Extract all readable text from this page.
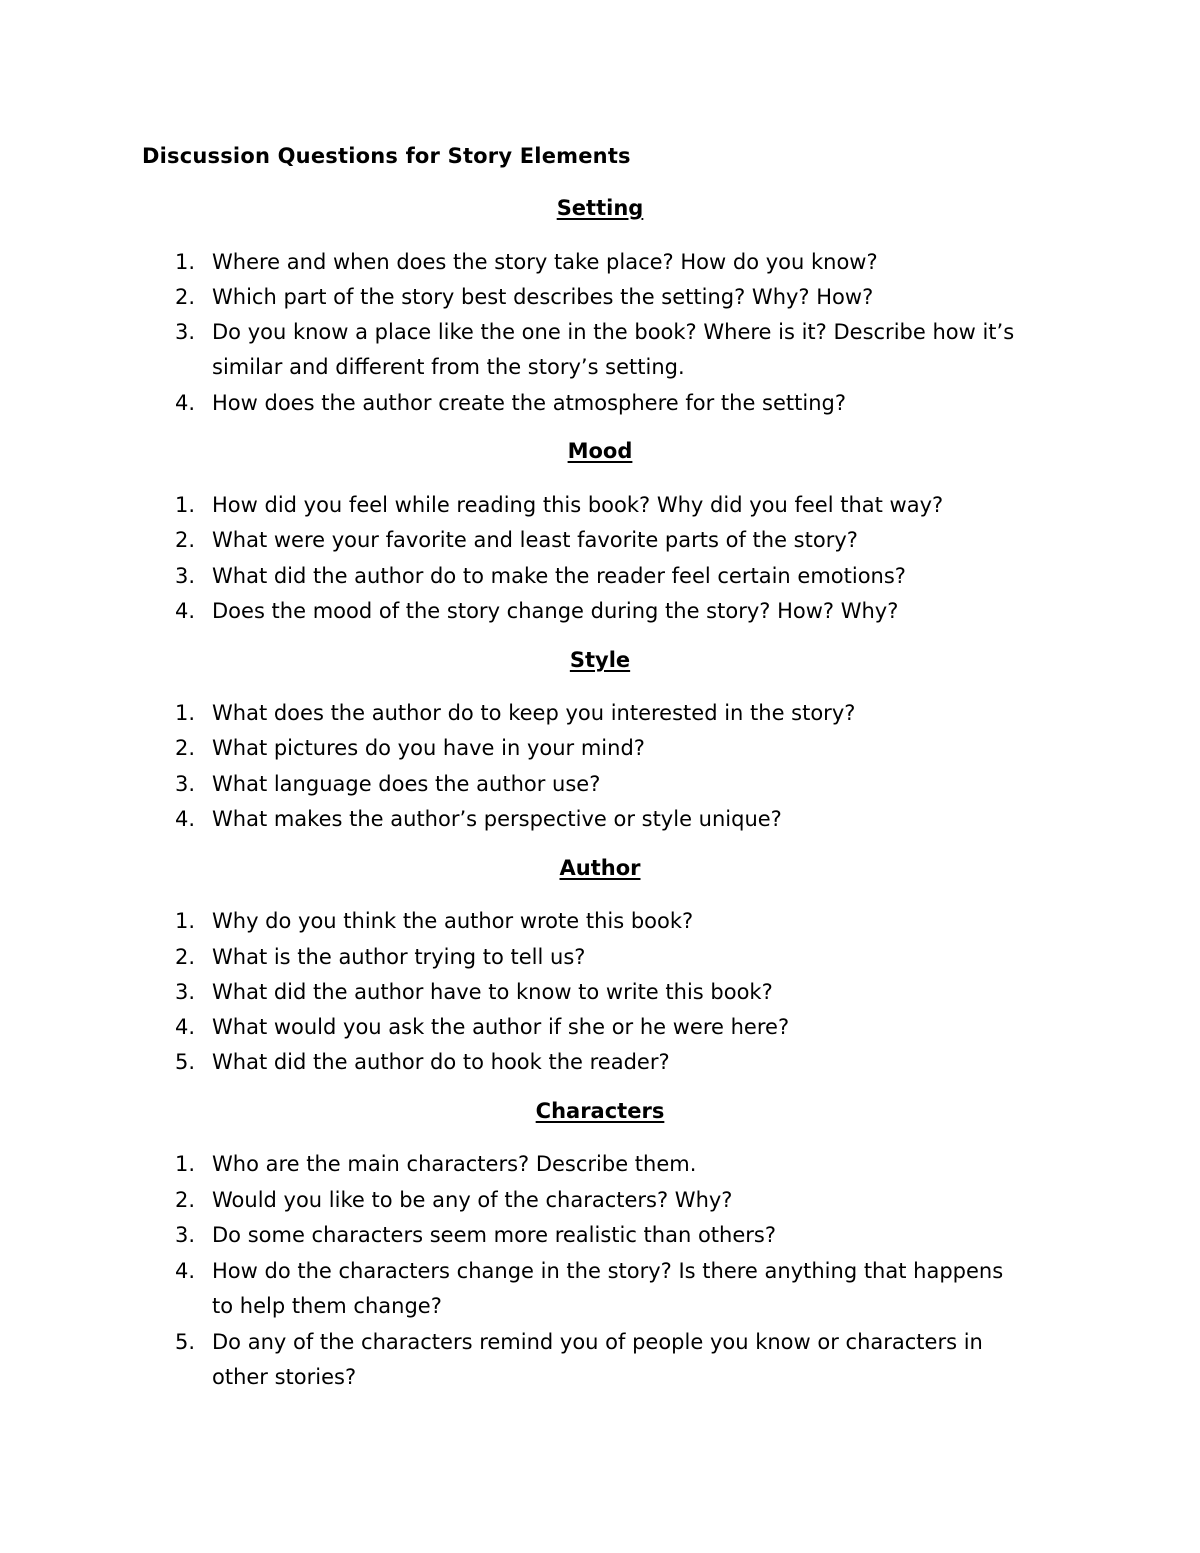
Discussion Questions for Story Elements
Setting
1. Where and when does the story take place? How do you know?
2. Which part of the story best describes the setting? Why? How?
3. Do you know a place like the one in the book? Where is it? Describe how it’s
similar and different from the story’s setting.
4. How does the author create the atmosphere for the setting?
Mood
1. How did you feel while reading this book? Why did you feel that way?
2. What were your favorite and least favorite parts of the story?
3. What did the author do to make the reader feel certain emotions?
4. Does the mood of the story change during the story? How? Why?
Style
1. What does the author do to keep you interested in the story?
2. What pictures do you have in your mind?
3. What language does the author use?
4. What makes the author’s perspective or style unique?
Author
1. Why do you think the author wrote this book?
2. What is the author trying to tell us?
3. What did the author have to know to write this book?
4. What would you ask the author if she or he were here?
5. What did the author do to hook the reader?
Characters
1. Who are the main characters? Describe them.
2. Would you like to be any of the characters? Why?
3. Do some characters seem more realistic than others?
4. How do the characters change in the story? Is there anything that happens
to help them change?
5. Do any of the characters remind you of people you know or characters in
other stories?
